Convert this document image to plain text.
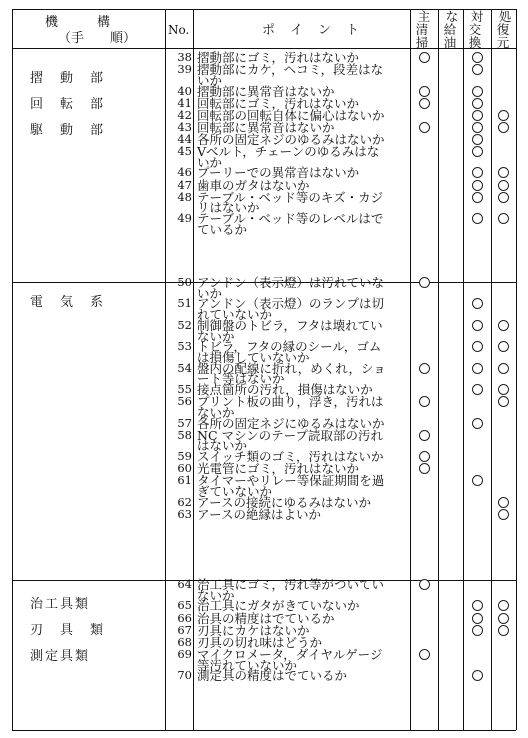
機　　　構
（手　　順）
No.	ポ　イ　ン　ト
主
清掃
な
給油
対
交換
処
復元
摺　動　部
回　転　部
駆　動　部
電　気　系
治工具類
刃　具　類
測定具類
38 摺動部にゴミ，汚れはないか
39 摺動部にカケ，ヘコミ，段差はな
いか
40 摺動部に異常音はないか
41 回転部にゴミ，汚れはないか
42 回転部の回転自体に偏心はないか
43 回転部に異常音はないか
44 各所の固定ネジのゆるみはないか
45 Vベルト，チェーンのゆるみはな
いか
46 プーリーでの異常音はないか
47 歯車のガタはないか
48 テーブル・ベッド等のキズ・カジ
リはないか
49 テーブル・ベッド等のレベルはで
ているか
50 アンドン（表示燈）は汚れていな
いか
51 アンドン（表示燈）のランプは切
れていないか
52 制御盤のトビラ，フタは壊れてい
ないか
53 トビラ，フタの縁のシール，ゴム
は損傷していないか
54 盤内の配線に折れ，めくれ，ショ
ート等はないか
55 接点箇所の汚れ，損傷はないか
56 プリント板の曲り，浮き，汚れは
ないか
57 各所の固定ネジにゆるみはないか
58 NC マシンのテープ読取部の汚れ
はないか
59 スイッチ類のゴミ，汚れはないか
60 光電管にゴミ，汚れはないか
61 タイマーやリレー等保証期間を過
ぎていないか
62 アースの接続にゆるみはないか
63 アースの絶縁はよいか
64 治工具にゴミ，汚れ等がついてい
ないか
65 治工具にガタがきていないか
66 治具の精度はでているか
67 刃具にカケはないか
68 刃具の切れ味はどうか
69 マイクロメータ，ダイヤルゲージ
等汚れていないか
70 測定具の精度はでているか
